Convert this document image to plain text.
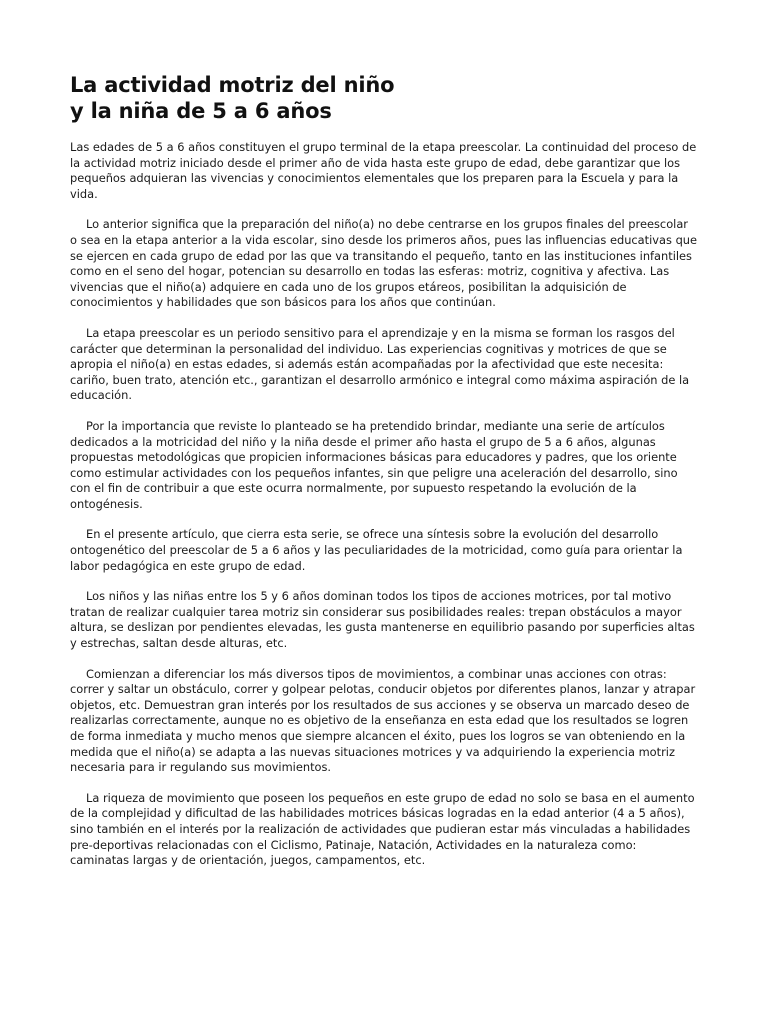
La actividad motriz del niño
y la niña de 5 a 6 años

Las edades de 5 a 6 años constituyen el grupo terminal de la etapa preescolar. La continuidad del proceso de la actividad motriz iniciado desde el primer año de vida hasta este grupo de edad, debe garantizar que los pequeños adquieran las vivencias y conocimientos elementales que los preparen para la Escuela y para la vida.

Lo anterior significa que la preparación del niño(a) no debe centrarse en los grupos finales del preescolar o sea en la etapa anterior a la vida escolar, sino desde los primeros años, pues las influencias educativas que se ejercen en cada grupo de edad por las que va transitando el pequeño, tanto en las instituciones infantiles como en el seno del hogar, potencian su desarrollo en todas las esferas: motriz, cognitiva y afectiva. Las vivencias que el niño(a) adquiere en cada uno de los grupos etáreos, posibilitan la adquisición de conocimientos y habilidades que son básicos para los años que continúan.

La etapa preescolar es un periodo sensitivo para el aprendizaje y en la misma se forman los rasgos del carácter que determinan la personalidad del individuo. Las experiencias cognitivas y motrices de que se apropia el niño(a) en estas edades, si además están acompañadas por la afectividad que este necesita: cariño, buen trato, atención etc., garantizan el desarrollo armónico e integral como máxima aspiración de la educación.

Por la importancia que reviste lo planteado se ha pretendido brindar, mediante una serie de artículos dedicados a la motricidad del niño y la niña desde el primer año hasta el grupo de 5 a 6 años, algunas propuestas metodológicas que propicien informaciones básicas para educadores y padres, que los oriente como estimular actividades con los pequeños infantes, sin que peligre una aceleración del desarrollo, sino con el fin de contribuir a que este ocurra normalmente, por supuesto respetando la evolución de la ontogénesis.

En el presente artículo, que cierra esta serie, se ofrece una síntesis sobre la evolución del desarrollo ontogenético del preescolar de 5 a 6 años y las peculiaridades de la motricidad, como guía para orientar la labor pedagógica en este grupo de edad.

Los niños y las niñas entre los 5 y 6 años dominan todos los tipos de acciones motrices, por tal motivo tratan de realizar cualquier tarea motriz sin considerar sus posibilidades reales: trepan obstáculos a mayor altura, se deslizan por pendientes elevadas, les gusta mantenerse en equilibrio pasando por superficies altas y estrechas, saltan desde alturas, etc.

Comienzan a diferenciar los más diversos tipos de movimientos, a combinar unas acciones con otras: correr y saltar un obstáculo, correr y golpear pelotas, conducir objetos por diferentes planos, lanzar y atrapar objetos, etc. Demuestran gran interés por los resultados de sus acciones y se observa un marcado deseo de realizarlas correctamente, aunque no es objetivo de la enseñanza en esta edad que los resultados se logren de forma inmediata y mucho menos que siempre alcancen el éxito, pues los logros se van obteniendo en la medida que el niño(a) se adapta a las nuevas situaciones motrices y va adquiriendo la experiencia motriz necesaria para ir regulando sus movimientos.

La riqueza de movimiento que poseen los pequeños en este grupo de edad no solo se basa en el aumento de la complejidad y dificultad de las habilidades motrices básicas logradas en la edad anterior (4 a 5 años), sino también en el interés por la realización de actividades que pudieran estar más vinculadas a habilidades pre-deportivas relacionadas con el Ciclismo, Patinaje, Natación, Actividades en la naturaleza como: caminatas largas y de orientación, juegos, campamentos, etc.
